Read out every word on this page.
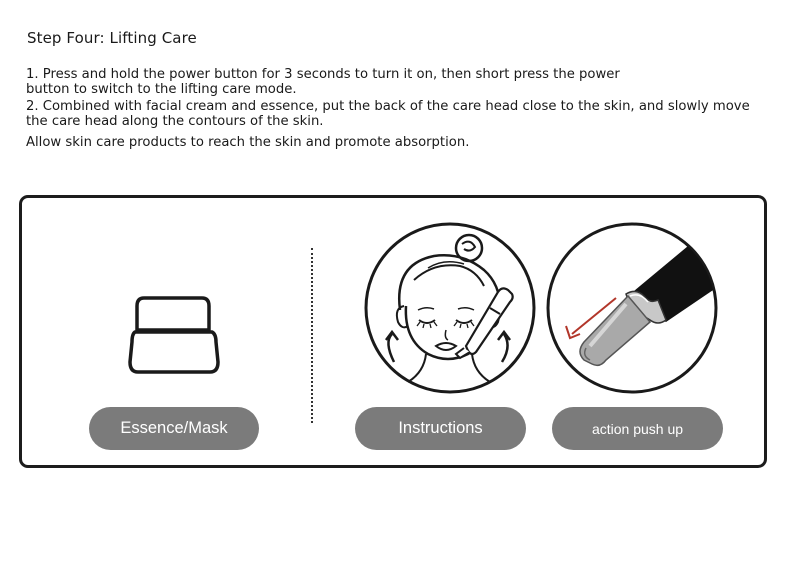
Step Four: Lifting Care
1. Press and hold the power button for 3 seconds to turn it on, then short press the power button to switch to the lifting care mode.
2. Combined with facial cream and essence, put the back of the care head close to the skin, and slowly move the care head along the contours of the skin.
Allow skin care products to reach the skin and promote absorption.
Essence/Mask	Instructions	action push up
